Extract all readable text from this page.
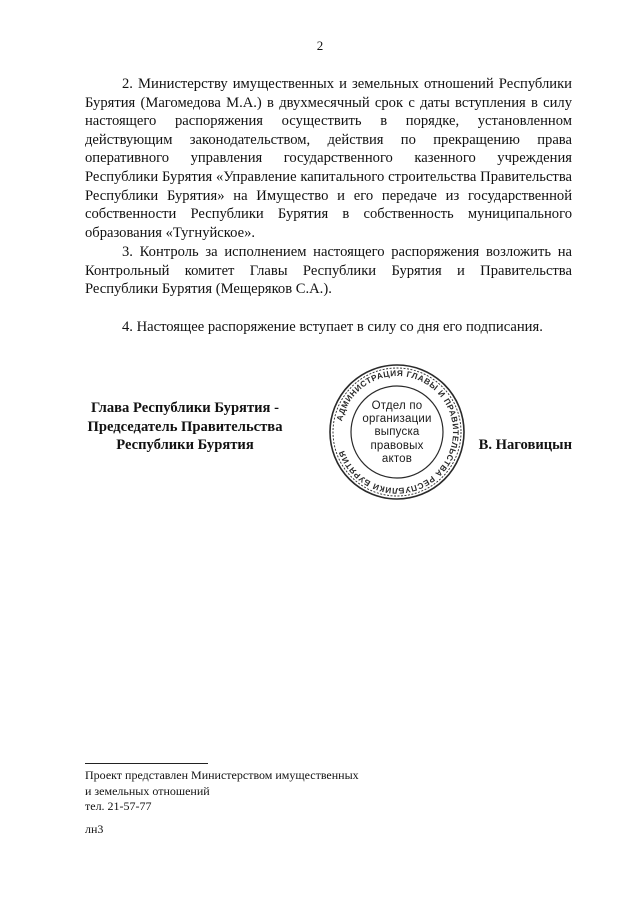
2

2. Министерству имущественных и земельных отношений Республики Бурятия (Магомедова М.А.) в двухмесячный срок с даты вступления в силу настоящего распоряжения осуществить в порядке, установленном действующим законодательством, действия по прекращению права оперативного управления государственного казенного учреждения Республики Бурятия «Управление капитального строительства Правительства Республики Бурятия» на Имущество и его передаче из государственной собственности Республики Бурятия в собственность муниципального образования «Тугнуйское».

3. Контроль за исполнением настоящего распоряжения возложить на Контрольный комитет Главы Республики Бурятия и Правительства Республики Бурятия (Мещеряков С.А.).

4. Настоящее распоряжение вступает в силу со дня его подписания.

Глава Республики Бурятия -
Председатель Правительства
Республики Бурятия
АДМИНИСТРАЦИЯ ГЛАВЫ И ПРАВИТЕЛЬСТВА РЕСПУБЛИКИ БУРЯТИЯ
Отдел по
организации
выпуска
правовых
актов
В. Наговицын
Проект представлен Министерством имущественных
и земельных отношений
тел. 21-57-77
лн3
